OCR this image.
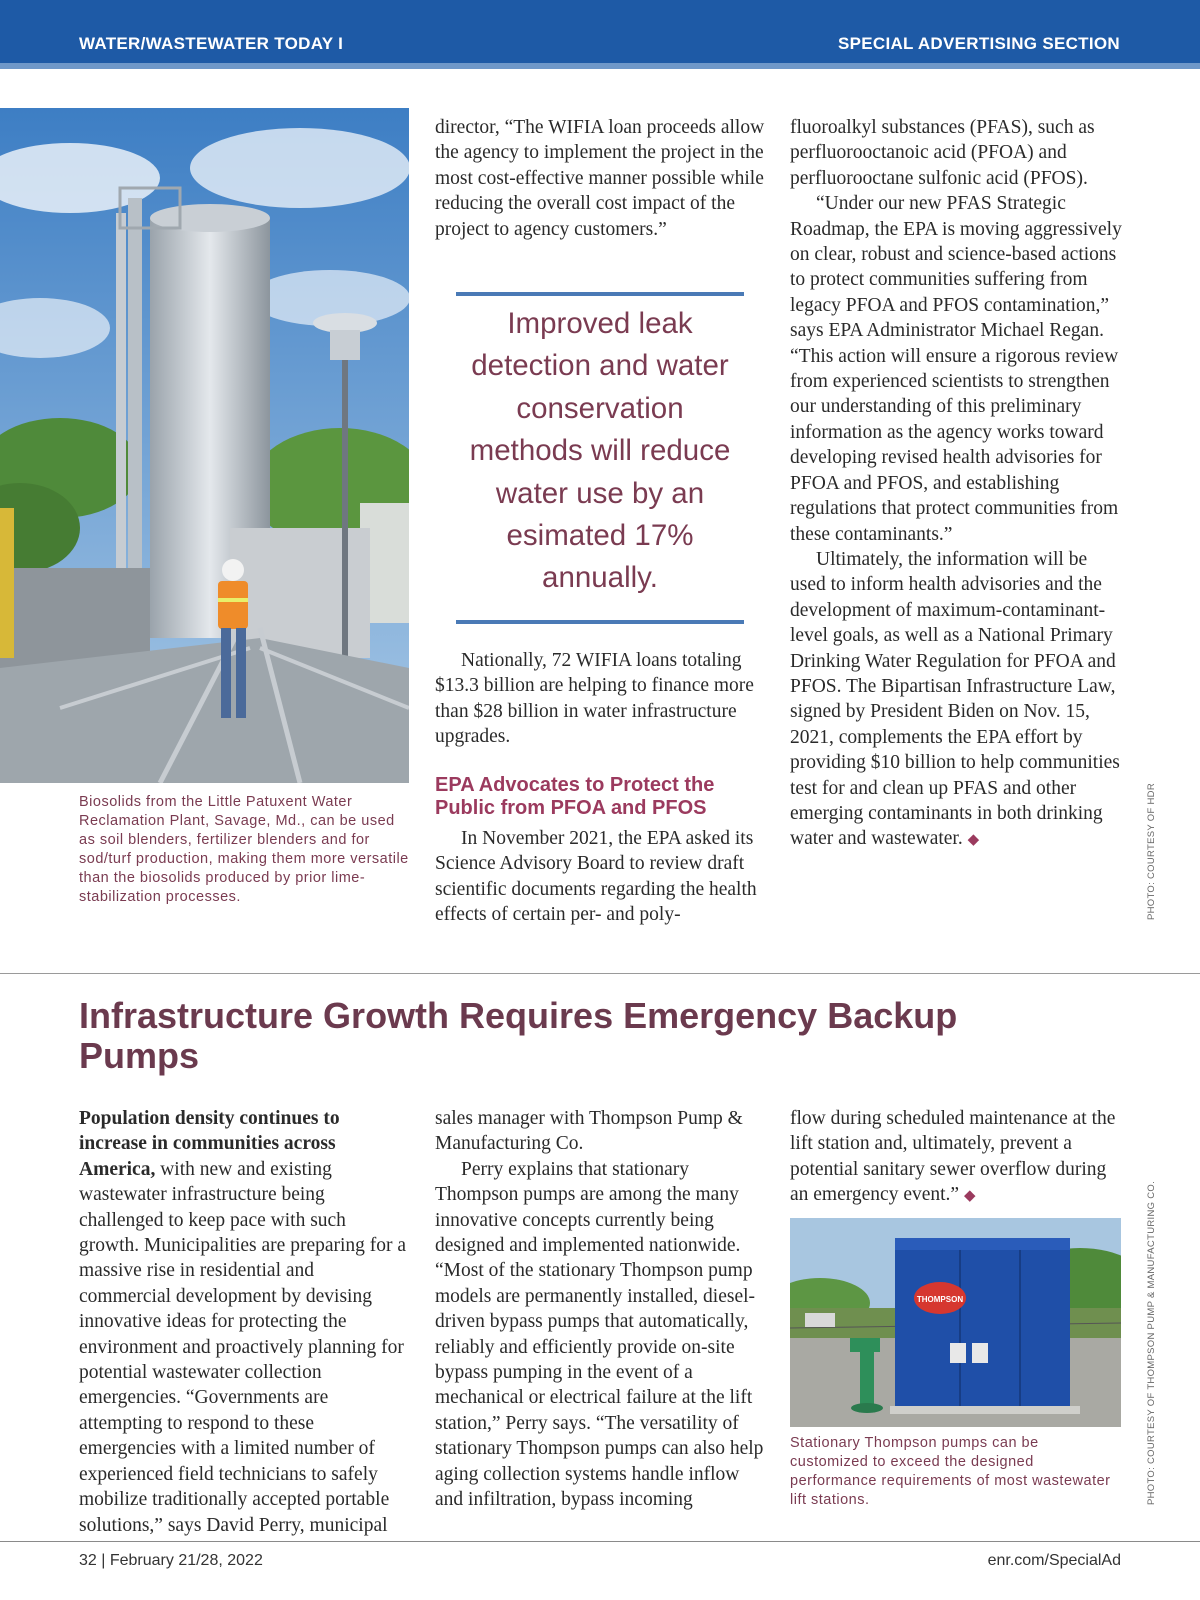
WATER/WASTEWATER TODAY I	SPECIAL ADVERTISING SECTION
Biosolids from the Little Patuxent Water Reclamation Plant, Savage, Md., can be used as soil blenders, fertilizer blenders and for sod/turf production, making them more versatile than the biosolids produced by prior lime-stabilization processes.	PHOTO: COURTESY OF HDR

director, “The WIFIA loan proceeds allow the agency to implement the project in the most cost-effective manner possible while reducing the overall cost impact of the project to agency customers.”

Improved leak detection and water conservation methods will reduce water use by an esimated 17% annually.

Nationally, 72 WIFIA loans totaling $13.3 billion are helping to finance more than $28 billion in water infrastructure upgrades.

EPA Advocates to Protect the Public from PFOA and PFOS

In November 2021, the EPA asked its Science Advisory Board to review draft scientific documents regarding the health effects of certain per- and poly-

fluoroalkyl substances (PFAS), such as perfluorooctanoic acid (PFOA) and perfluorooctane sulfonic acid (PFOS).

“Under our new PFAS Strategic Roadmap, the EPA is moving aggressively on clear, robust and science-based actions to protect communities suffering from legacy PFOA and PFOS contamination,” says EPA Administrator Michael Regan. “This action will ensure a rigorous review from experienced scientists to strengthen our understanding of this preliminary information as the agency works toward developing revised health advisories for PFOA and PFOS, and establishing regulations that protect communities from these contaminants.”

Ultimately, the information will be used to inform health advisories and the development of maximum-contaminant-level goals, as well as a National Primary Drinking Water Regulation for PFOA and PFOS. The Bipartisan Infrastructure Law, signed by President Biden on Nov. 15, 2021, complements the EPA effort by providing $10 billion to help communities test for and clean up PFAS and other emerging contaminants in both drinking water and wastewater. ◆

Infrastructure Growth Requires Emergency Backup Pumps

Population density continues to increase in communities across America, with new and existing wastewater infrastructure being challenged to keep pace with such growth. Municipalities are preparing for a massive rise in residential and commercial development by devising innovative ideas for protecting the environment and proactively planning for potential wastewater collection emergencies. “Governments are attempting to respond to these emergencies with a limited number of experienced field technicians to safely mobilize traditionally accepted portable solutions,” says David Perry, municipal

sales manager with Thompson Pump & Manufacturing Co.

Perry explains that stationary Thompson pumps are among the many innovative concepts currently being designed and implemented nationwide. “Most of the stationary Thompson pump models are permanently installed, diesel-driven bypass pumps that automatically, reliably and efficiently provide on-site bypass pumping in the event of a mechanical or electrical failure at the lift station,” Perry says. “The versatility of stationary Thompson pumps can also help aging collection systems handle inflow and infiltration, bypass incoming

flow during scheduled maintenance at the lift station and, ultimately, prevent a potential sanitary sewer overflow during an emergency event.” ◆

THOMPSON
Stationary Thompson pumps can be customized to exceed the designed performance requirements of most wastewater lift stations.	PHOTO: COURTESY OF THOMPSON PUMP & MANUFACTURING CO.
32 | February 21/28, 2022	enr.com/SpecialAd
